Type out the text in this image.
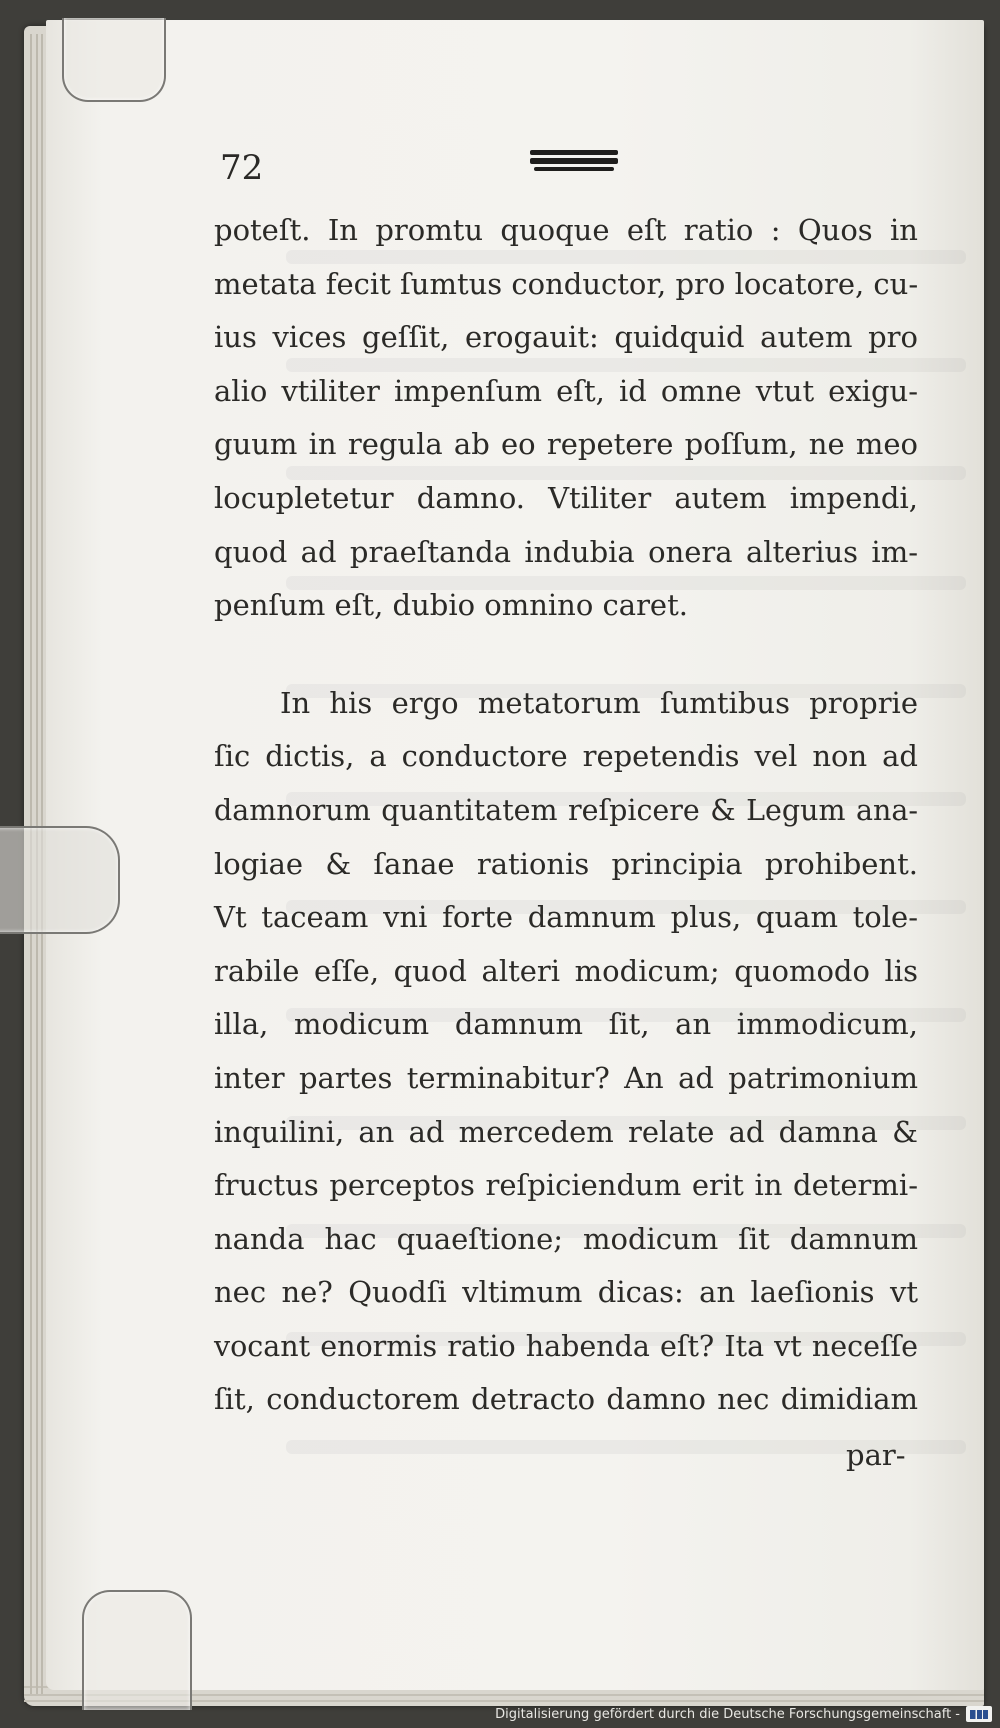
72
poteſt. In promtu quoque eſt ratio : Quos in
metata fecit ſumtus conductor, pro locatore, cu-
ius vices geſſit, erogauit: quidquid autem pro
alio vtiliter impenſum eſt, id omne vtut exigu-
guum in regula ab eo repetere poſſum, ne meo
locupletetur damno. Vtiliter autem impendi,
quod ad praeſtanda indubia onera alterius im-
penſum eſt, dubio omnino caret.
In his ergo metatorum ſumtibus proprie
ſic dictis, a conductore repetendis vel non ad
damnorum quantitatem reſpicere & Legum ana-
logiae & ſanae rationis principia prohibent.
Vt taceam vni forte damnum plus, quam tole-
rabile eſſe, quod alteri modicum; quomodo lis
illa, modicum damnum ſit, an immodicum,
inter partes terminabitur? An ad patrimonium
inquilini, an ad mercedem relate ad damna &
fructus perceptos reſpiciendum erit in determi-
nanda hac quaeſtione; modicum ſit damnum
nec ne? Quodſi vltimum dicas: an laeſionis vt
vocant enormis ratio habenda eſt? Ita vt neceſſe
ſit, conductorem detracto damno nec dimidiam
par-
Digitalisierung gefördert durch die Deutsche Forschungsgemeinschaft -
